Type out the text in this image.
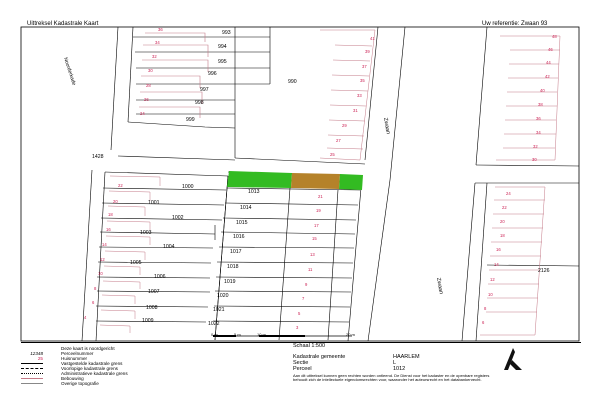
Uittreksel Kadastrale Kaart	Uw referentie: Zwaan 93
993
994
995
996
997
998
999
990
1428
2126
1000
1001
1002
1003
1004
1005
1006
1007
1008
1009
1013
1014
1015
1016
1017
1018
1019
1020
1021
1022
36
34
32
30
28
26
24
41
39
37
35
33
31
29
27
25
48
46
44
42
40
38
36
34
32
30
22
20
18
16
14
12
10
8
6
4
21
19
17
15
13
11
9
7
5
3
24
22
20
18
16
14
12
10
8
6
Noorderkade
Zwaan
Zwaan
0 m	5 m	10 m	20 m
Deze kaart is noordgericht
12348	Perceelnummer
25	Huisnummer
Vastgestelde kadastrale grens
Voorlopige kadastrale grens
Administratieve kadastrale grens
Bebouwing
Overige topografie
Schaal 1:500
Kadastrale gemeente	HAARLEM
Sectie	L
Perceel	1012
Aan dit uittreksel kunnen geen rechten worden ontleend. De Dienst voor het kadaster en de openbare registers behoudt zich de intellectuele eigendomsrechten voor, waaronder het auteursrecht en het databankenrecht.
